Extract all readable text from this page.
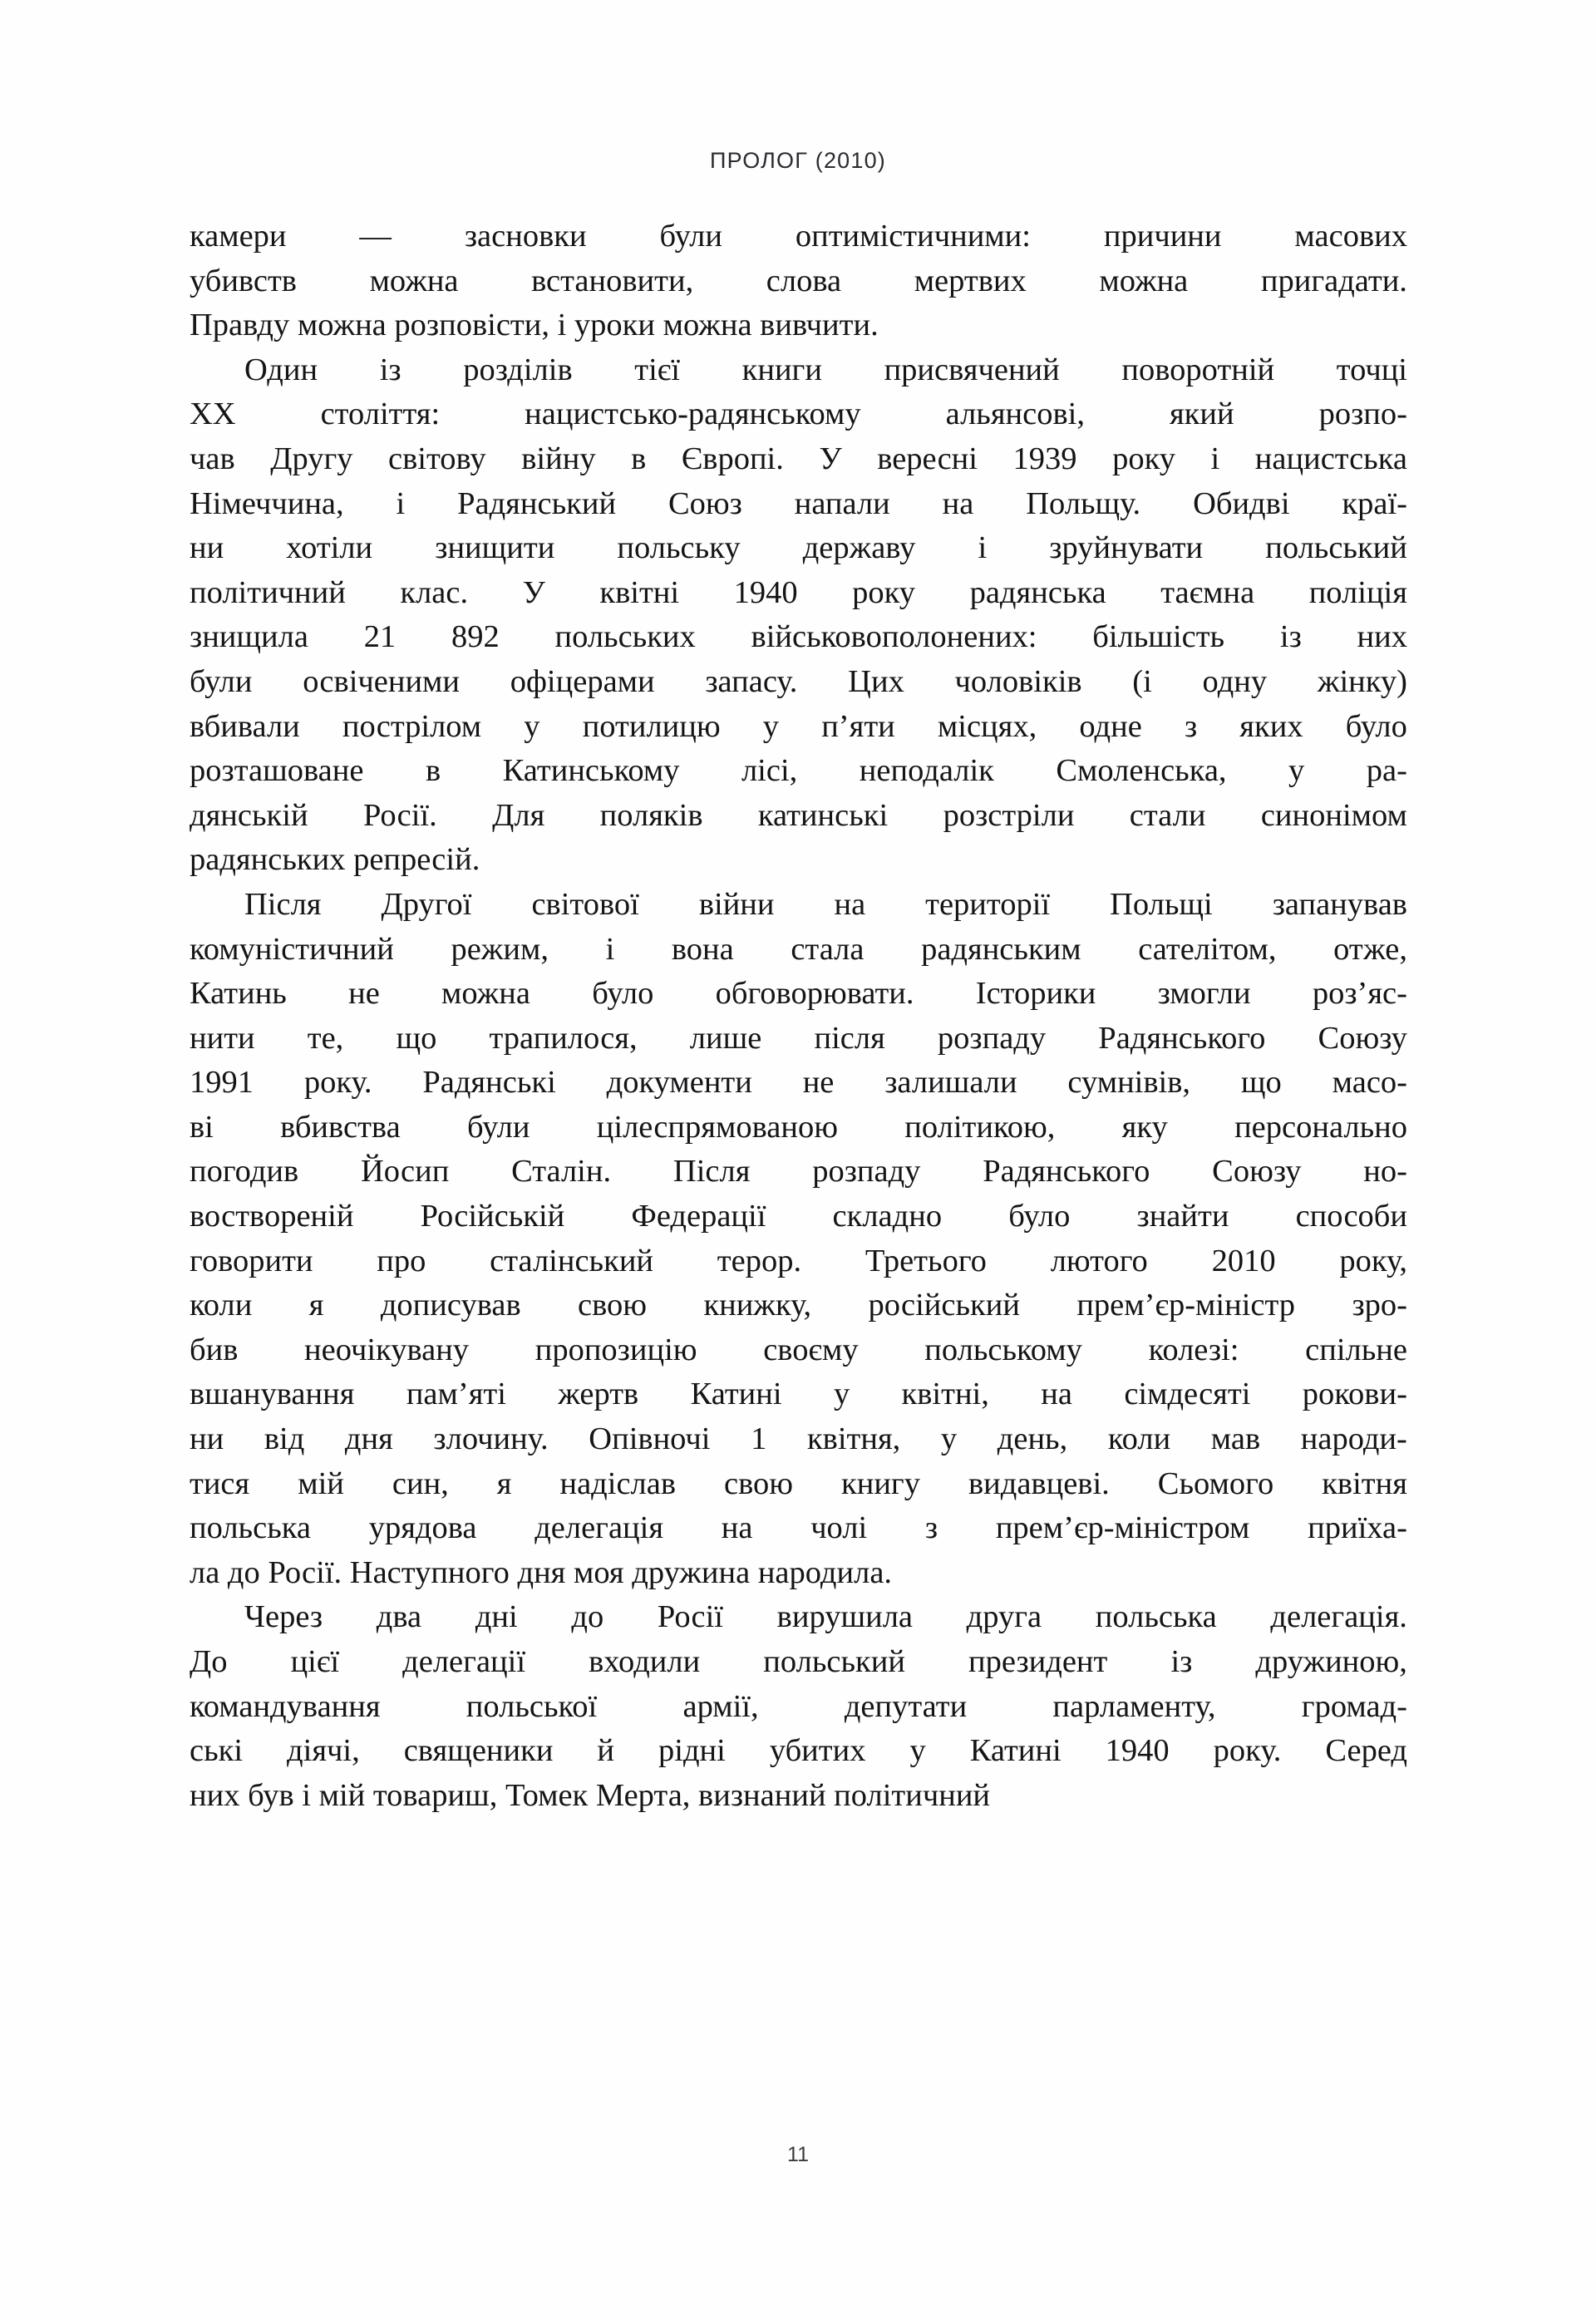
ПРОЛОГ (2010)
камери — засновки були оптимістичними: причини масових
убивств можна встановити, слова мертвих можна пригадати.
Правду можна розповісти, і уроки можна вивчити.
Один із розділів тієї книги присвячений поворотній точці
XX	століття:	нацистсько-радянському	альянсові,	який	розпо-
чав Другу світову війну в Європі. У вересні 1939 року і нацистська
Німеччина, і Радянський Союз напали на Польщу. Обидві краї-
ни хотіли знищити польську державу і зруйнувати польський
політичний клас. У квітні 1940 року радянська таємна поліція
знищила 21 892 польських військовополонених: більшість із них
були освіченими офіцерами запасу. Цих чоловіків (і одну жінку)
вбивали пострілом у потилицю у п’яти місцях, одне з яких було
розташоване в Катинському лісі, неподалік Смоленська, у ра-
дянській Росії. Для поляків катинські розстріли стали синонімом
радянських репресій.
Після Другої світової війни на території Польщі запанував
комуністичний режим, і вона стала радянським сателітом, отже,
Катинь не можна було обговорювати. Історики змогли роз’яс-
нити те, що трапилося, лише після розпаду Радянського Союзу
1991 року. Радянські документи не залишали сумнівів, що масо-
ві вбивства були цілеспрямованою політикою, яку персонально
погодив Йосип Сталін. Після розпаду Радянського Союзу но-
воствореній Російській Федерації складно було знайти способи
говорити про сталінський терор. Третього лютого 2010 року,
коли я дописував свою книжку, російський прем’єр-міністр зро-
бив неочікувану пропозицію своєму польському колезі: спільне
вшанування пам’яті жертв Катині у квітні, на сімдесяті рокови-
ни від дня злочину. Опівночі 1 квітня, у день, коли мав народи-
тися мій син, я надіслав свою книгу видавцеві. Сьомого квітня
польська урядова делегація на чолі з прем’єр-міністром приїха-
ла до Росії. Наступного дня моя дружина народила.
Через два дні до Росії вирушила друга польська делегація.
До цієї делегації входили польський президент із дружиною,
командування	польської	армії,	депутати	парламенту,	громад-
ські діячі, священики й рідні убитих у Катині 1940 року. Серед
них був і мій товариш, Томек Мерта, визнаний політичний
11
